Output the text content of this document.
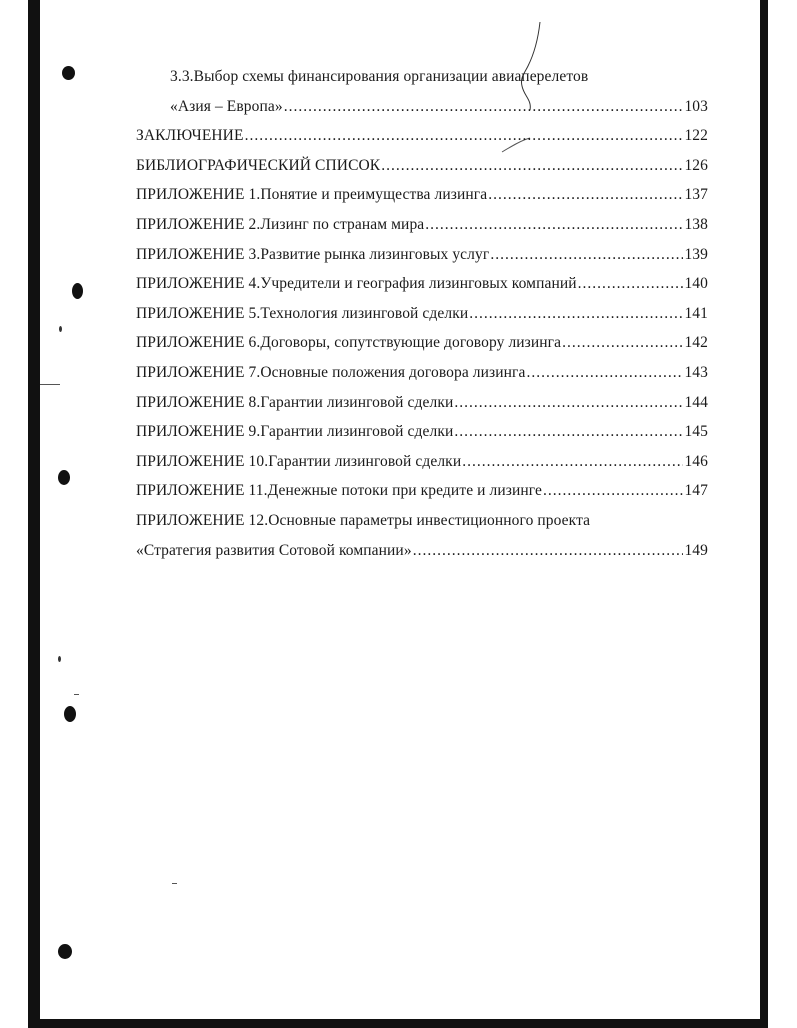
3.3.Выбор схемы финансирования организации авиаперелетов
«Азия – Европа» .....	103
ЗАКЛЮЧЕНИЕ .....	122
БИБЛИОГРАФИЧЕСКИЙ СПИСОК .....	126
ПРИЛОЖЕНИЕ 1.Понятие и преимущества лизинга .....	137
ПРИЛОЖЕНИЕ 2.Лизинг по странам мира .....	138
ПРИЛОЖЕНИЕ 3.Развитие рынка лизинговых услуг .....	139
ПРИЛОЖЕНИЕ 4.Учредители и география лизинговых компаний .....	140
ПРИЛОЖЕНИЕ 5.Технология лизинговой сделки .....	141
ПРИЛОЖЕНИЕ 6.Договоры, сопутствующие договору лизинга .....	142
ПРИЛОЖЕНИЕ 7.Основные положения договора лизинга .....	143
ПРИЛОЖЕНИЕ 8.Гарантии лизинговой сделки .....	144
ПРИЛОЖЕНИЕ 9.Гарантии лизинговой сделки .....	145
ПРИЛОЖЕНИЕ 10.Гарантии лизинговой сделки .....	146
ПРИЛОЖЕНИЕ 11.Денежные потоки при кредите и лизинге .....	147
ПРИЛОЖЕНИЕ 12.Основные параметры инвестиционного проекта
«Стратегия развития Сотовой компании» .....	149
